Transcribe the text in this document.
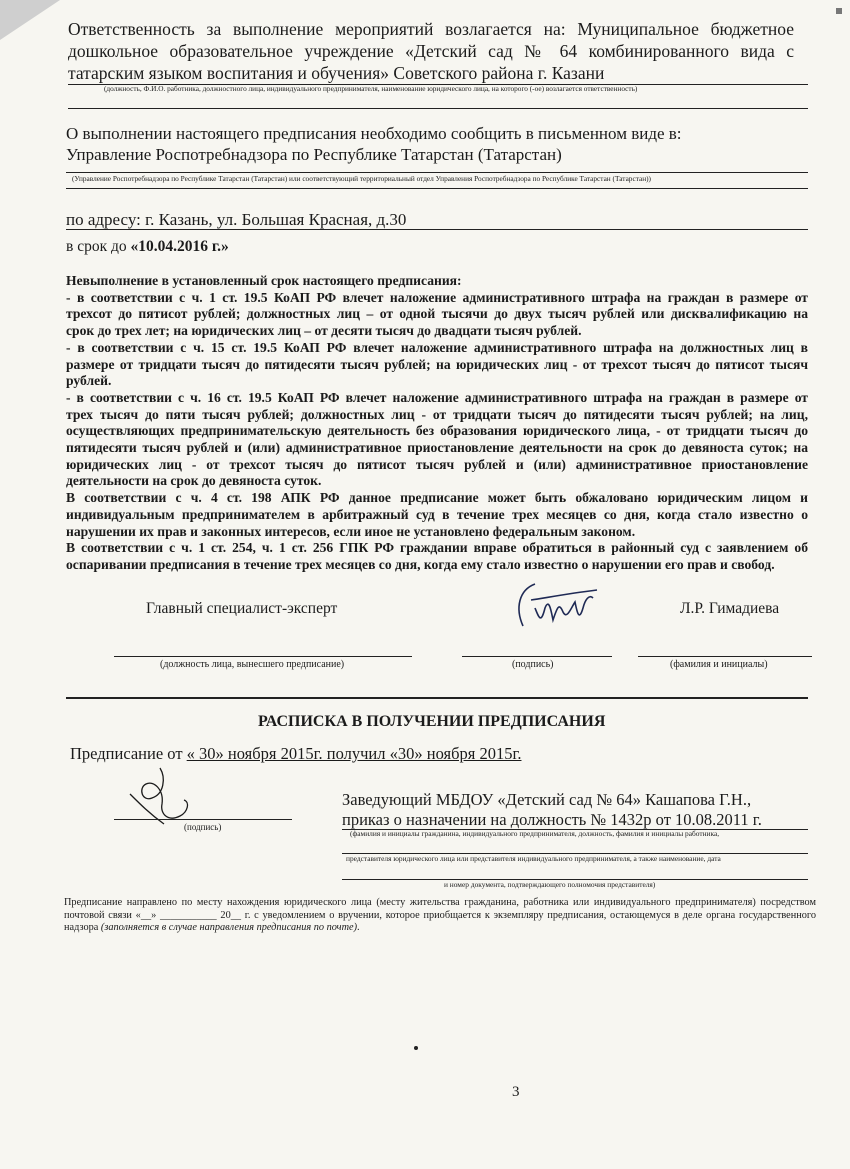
Ответственность за выполнение мероприятий возлагается на: Муниципальное бюджетное
дошкольное образовательное учреждение «Детский сад № 64 комбинированного вида с
татарским языком воспитания и обучения» Советского района г. Казани
(должность, Ф.И.О. работника, должностного лица, индивидуального предпринимателя, наименование юридического лица, на которого (-ое) возлагается ответственность)
О выполнении настоящего предписания необходимо сообщить в письменном виде в:
Управление Роспотребнадзора по Республике Татарстан (Татарстан)
(Управление Роспотребнадзора по Республике Татарстан (Татарстан) или соответствующий территориальный отдел Управления Роспотребнадзора по Республике Татарстан (Татарстан))
по адресу: г. Казань, ул. Большая Красная, д.30
в срок до «10.04.2016 г.»
Невыполнение в установленный срок настоящего предписания:
- в соответствии с ч. 1 ст. 19.5 КоАП РФ влечет наложение административного штрафа на граждан в размере от
трехсот до пятисот рублей; должностных лиц – от одной тысячи до двух тысяч рублей или дисквалификацию на
срок до трех лет; на юридических лиц – от десяти тысяч до двадцати тысяч рублей.
- в соответствии с ч. 15 ст. 19.5 КоАП РФ влечет наложение административного штрафа на должностных лиц в
размере от тридцати тысяч до пятидесяти тысяч рублей; на юридических лиц - от трехсот тысяч до пятисот тысяч
рублей.
- в соответствии с ч. 16 ст. 19.5 КоАП РФ влечет наложение административного штрафа на граждан в размере от
трех тысяч до пяти тысяч рублей; должностных лиц - от тридцати тысяч до пятидесяти тысяч рублей; на лиц,
осуществляющих предпринимательскую деятельность без образования юридического лица, - от тридцати тысяч до
пятидесяти тысяч рублей и (или) административное приостановление деятельности на срок до девяноста суток; на
юридических лиц - от трехсот тысяч до пятисот тысяч рублей и (или) административное приостановление
деятельности на срок до девяноста суток.
В соответствии с ч. 4 ст. 198 АПК РФ данное предписание может быть обжаловано юридическим лицом и
индивидуальным предпринимателем в арбитражный суд в течение трех месяцев со дня, когда стало известно о
нарушении их прав и законных интересов, если иное не установлено федеральным законом.
В соответствии с ч. 1 ст. 254, ч. 1 ст. 256 ГПК РФ граждании вправе обратиться в районный суд с заявлением об
оспаривании предписания в течение трех месяцев со дня, когда ему стало известно о нарушении его прав и свобод.
Главный специалист-эксперт	Л.Р. Гимадиева
(должность лица, вынесшего предписание)	(подпись)	(фамилия и инициалы)
РАСПИСКА В ПОЛУЧЕНИИ ПРЕДПИСАНИЯ
Предписание от « 30» ноября 2015г. получил «30» ноября 2015г.
(подпись)
Заведующий МБДОУ «Детский сад № 64» Кашапова Г.Н.,
приказ о назначении на должность № 1432р от 10.08.2011 г.
(фамилия и инициалы гражданина, индивидуального предпринимателя, должность, фамилия и инициалы работника,
представителя юридического лица или представителя индивидуального предпринимателя, а также наименование, дата
и номер документа, подтверждающего полномочия представителя)
Предписание направлено по месту нахождения юридического лица (месту жительства гражданина, работника или индивидуального предпринимателя) посредством почтовой связи «__» ___________ 20__ г. с уведомлением о вручении, которое приобщается к экземпляру предписания, остающемуся в деле органа государственного надзора (заполняется в случае направления предписания по почте).
3
